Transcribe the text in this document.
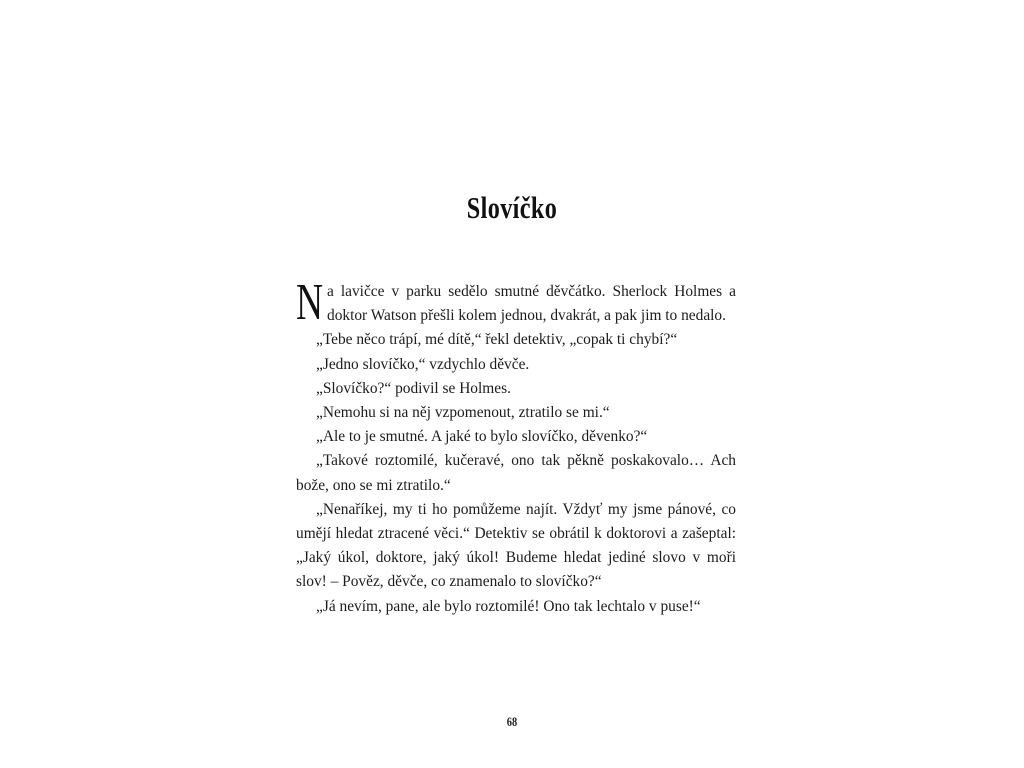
Slovíčko

Na lavičce v parku sedělo smutné děvčátko. Sherlock Holmes a doktor Watson přešli kolem jednou, dvakrát, a pak jim to nedalo.

„Tebe něco trápí, mé dítě,“ řekl detektiv, „copak ti chybí?“

„Jedno slovíčko,“ vzdychlo děvče.

„Slovíčko?“ podivil se Holmes.

„Nemohu si na něj vzpomenout, ztratilo se mi.“

„Ale to je smutné. A jaké to bylo slovíčko, děvenko?“

„Takové roztomilé, kučeravé, ono tak pěkně poskakovalo… Ach bože, ono se mi ztratilo.“

„Nenaříkej, my ti ho pomůžeme najít. Vždyť my jsme pánové, co umějí hledat ztracené věci.“ Detektiv se obrátil k doktorovi a zašeptal: „Jaký úkol, doktore, jaký úkol! Budeme hledat jediné slovo v moři slov! – Pověz, děvče, co znamenalo to slovíčko?“

„Já nevím, pane, ale bylo roztomilé! Ono tak lechtalo v puse!“

68
